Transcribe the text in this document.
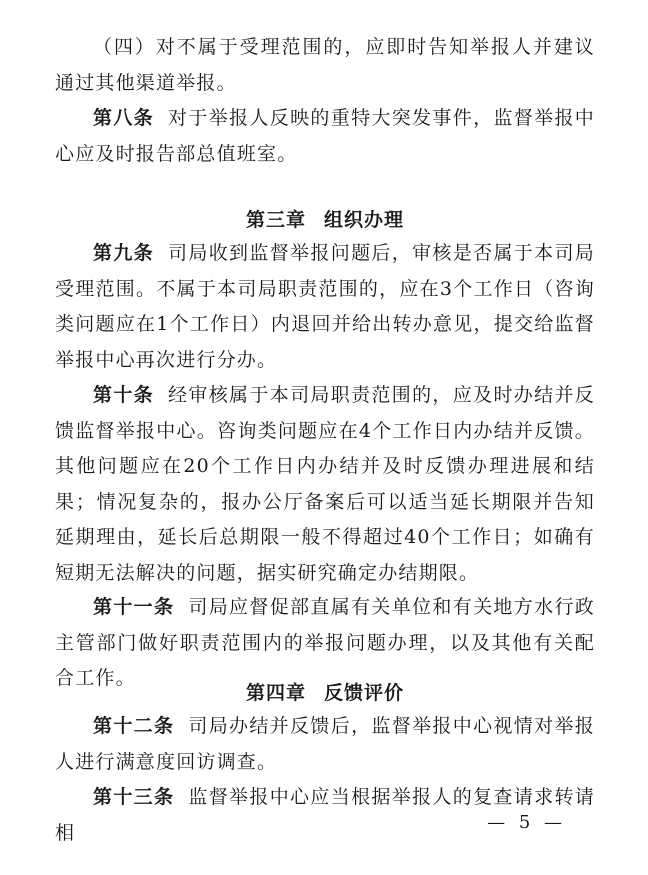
（四）对不属于受理范围的，应即时告知举报人并建议通过其他渠道举报。

第八条 对于举报人反映的重特大突发事件，监督举报中心应及时报告部总值班室。

第三章 组织办理

第九条 司局收到监督举报问题后，审核是否属于本司局受理范围。不属于本司局职责范围的，应在3个工作日（咨询类问题应在1个工作日）内退回并给出转办意见，提交给监督举报中心再次进行分办。

第十条 经审核属于本司局职责范围的，应及时办结并反馈监督举报中心。咨询类问题应在4个工作日内办结并反馈。其他问题应在20个工作日内办结并及时反馈办理进展和结果；情况复杂的，报办公厅备案后可以适当延长期限并告知延期理由，延长后总期限一般不得超过40个工作日；如确有短期无法解决的问题，据实研究确定办结期限。

第十一条 司局应督促部直属有关单位和有关地方水行政主管部门做好职责范围内的举报问题办理，以及其他有关配合工作。

第四章 反馈评价

第十二条 司局办结并反馈后，监督举报中心视情对举报人进行满意度回访调查。

第十三条 监督举报中心应当根据举报人的复查请求转请相	— 5 —
